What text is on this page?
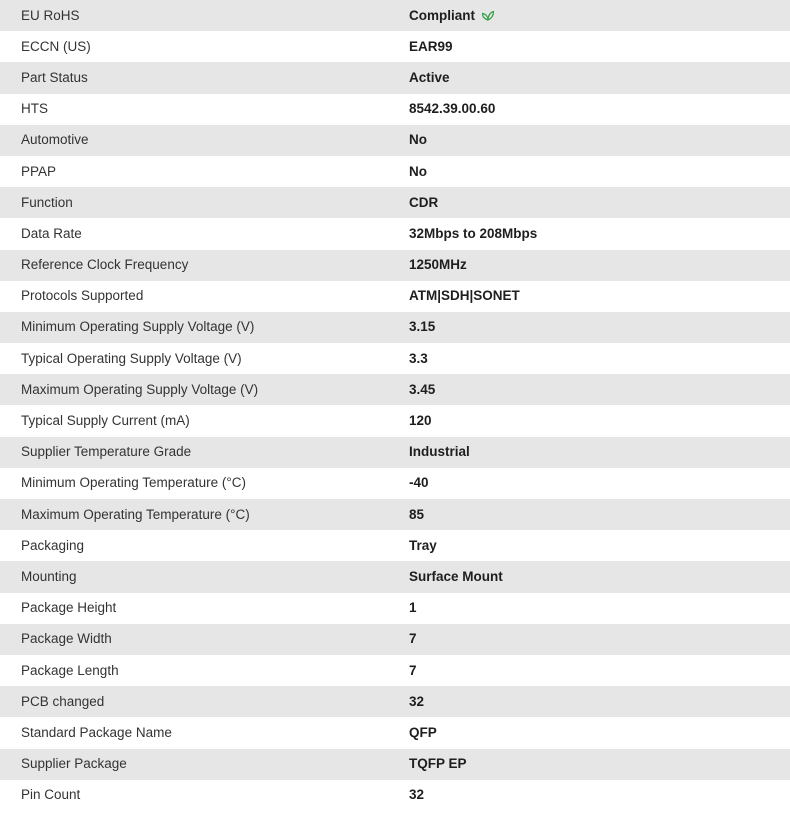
EU RoHS	Compliant
ECCN (US)	EAR99
Part Status	Active
HTS	8542.39.00.60
Automotive	No
PPAP	No
Function	CDR
Data Rate	32Mbps to 208Mbps
Reference Clock Frequency	1250MHz
Protocols Supported	ATM|SDH|SONET
Minimum Operating Supply Voltage (V)	3.15
Typical Operating Supply Voltage (V)	3.3
Maximum Operating Supply Voltage (V)	3.45
Typical Supply Current (mA)	120
Supplier Temperature Grade	Industrial
Minimum Operating Temperature (°C)	-40
Maximum Operating Temperature (°C)	85
Packaging	Tray
Mounting	Surface Mount
Package Height	1
Package Width	7
Package Length	7
PCB changed	32
Standard Package Name	QFP
Supplier Package	TQFP EP
Pin Count	32
